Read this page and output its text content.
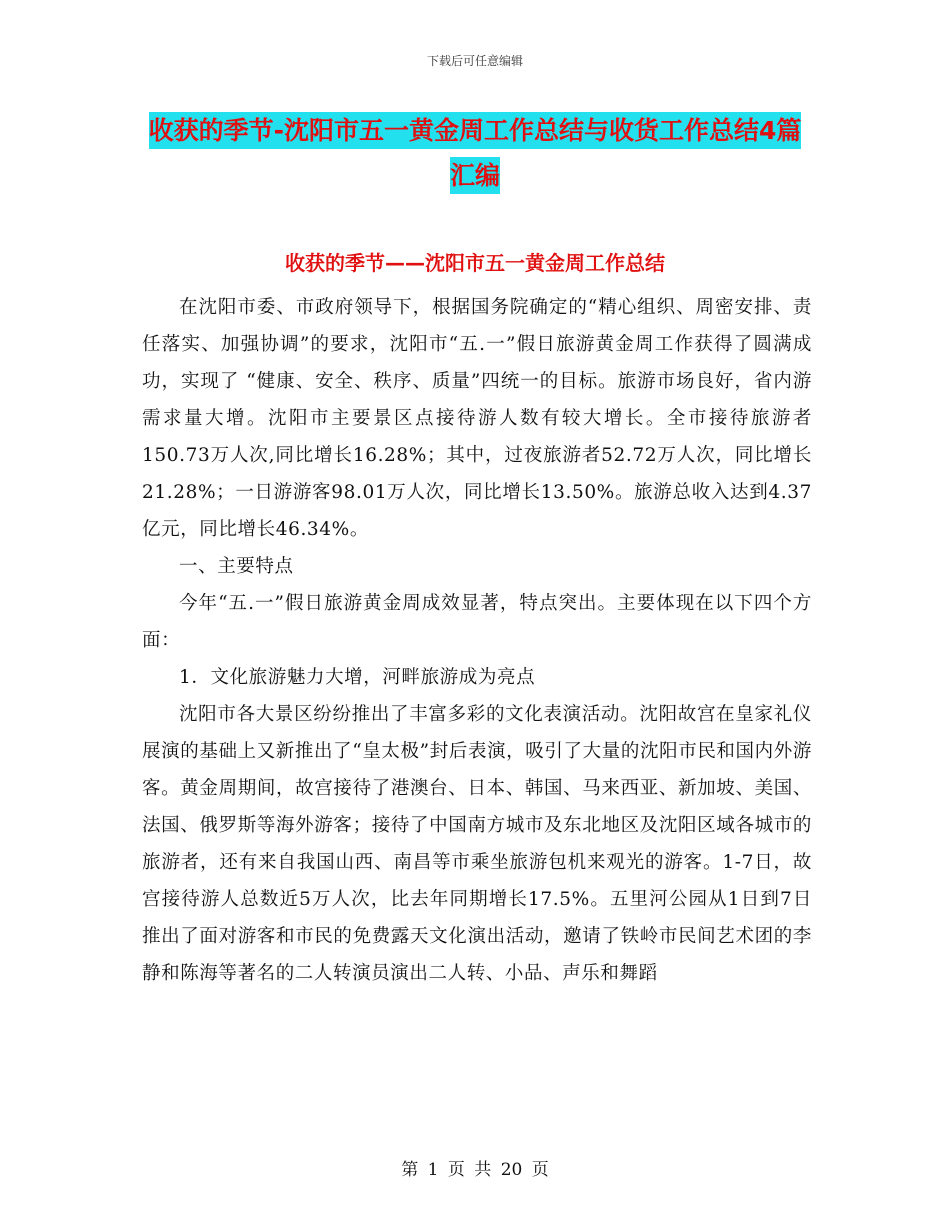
下载后可任意编辑
收获的季节-沈阳市五一黄金周工作总结与收货工作总结4篇汇编
收获的季节——沈阳市五一黄金周工作总结

在沈阳市委、市政府领导下，根据国务院确定的“精心组织、周密安排、责任落实、加强协调”的要求，沈阳市“五.一”假日旅游黄金周工作获得了圆满成功，实现了 “健康、安全、秩序、质量”四统一的目标。旅游市场良好，省内游需求量大增。沈阳市主要景区点接待游人数有较大增长。全市接待旅游者150.73万人次,同比增长16.28%；其中，过夜旅游者52.72万人次，同比增长21.28%；一日游游客98.01万人次，同比增长13.50%。旅游总收入达到4.37亿元，同比增长46.34%。

一、主要特点

今年“五.一”假日旅游黄金周成效显著，特点突出。主要体现在以下四个方面：

1．文化旅游魅力大增，河畔旅游成为亮点

沈阳市各大景区纷纷推出了丰富多彩的文化表演活动。沈阳故宫在皇家礼仪展演的基础上又新推出了“皇太极”封后表演，吸引了大量的沈阳市民和国内外游客。黄金周期间，故宫接待了港澳台、日本、韩国、马来西亚、新加坡、美国、法国、俄罗斯等海外游客；接待了中国南方城市及东北地区及沈阳区域各城市的旅游者，还有来自我国山西、南昌等市乘坐旅游包机来观光的游客。1-7日，故宫接待游人总数近5万人次，比去年同期增长17.5%。五里河公园从1日到7日推出了面对游客和市民的免费露天文化演出活动，邀请了铁岭市民间艺术团的李静和陈海等著名的二人转演员演出二人转、小品、声乐和舞蹈

第 1 页 共 20 页
